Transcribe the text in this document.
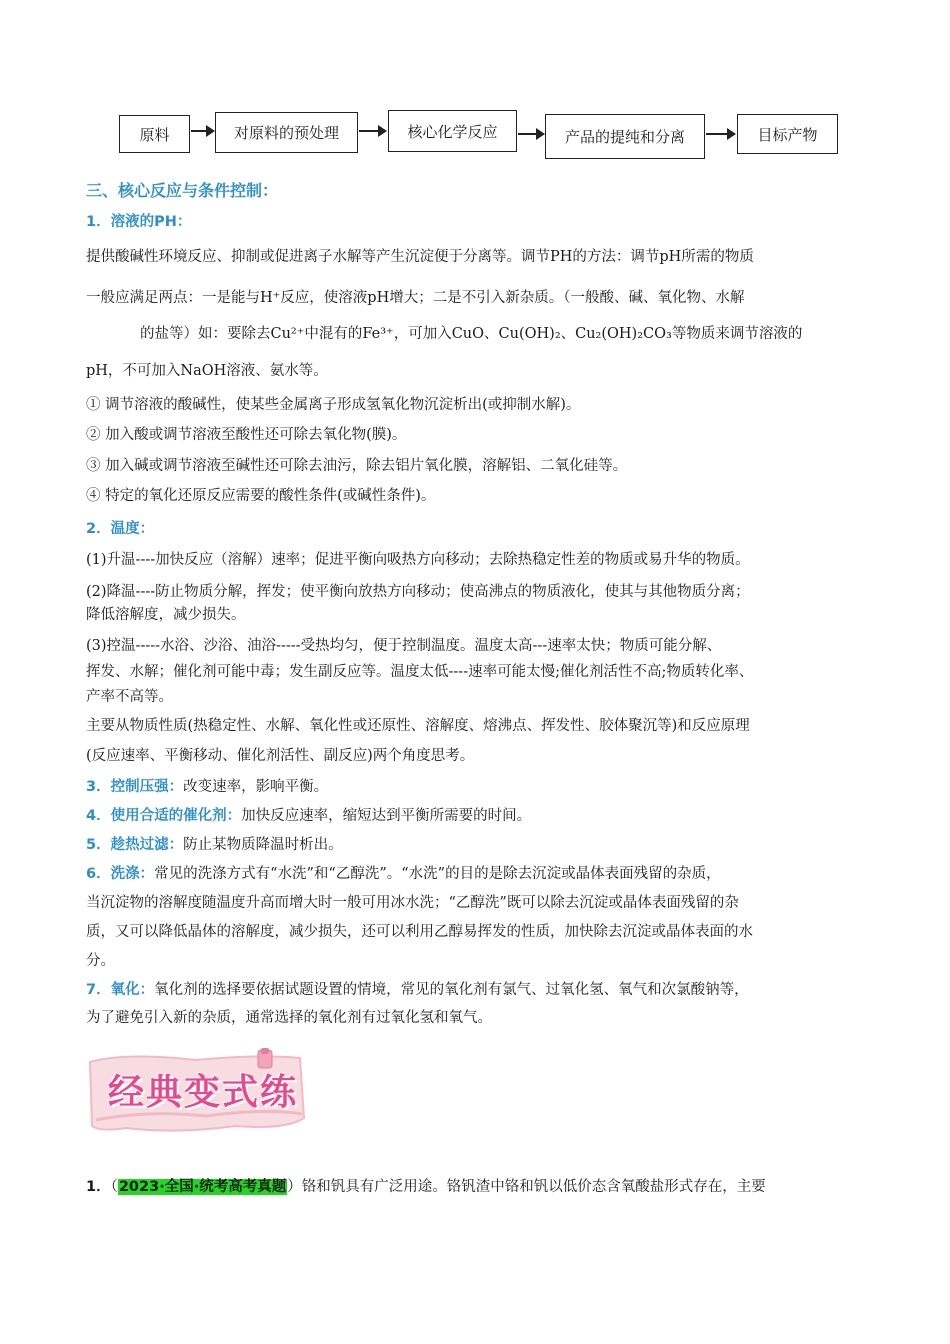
原料	对原料的预处理	核心化学反应	产品的提纯和分离	目标产物
三、核心反应与条件控制：
1．溶液的PH：
提供酸碱性环境反应、抑制或促进离子水解等产生沉淀便于分离等。调节PH的方法：调节pH所需的物质
一般应满足两点：一是能与H⁺反应，使溶液pH增大；二是不引入新杂质。（一般酸、碱、氧化物、水解
的盐等）如：要除去Cu²⁺中混有的Fe³⁺，可加入CuO、Cu(OH)₂、Cu₂(OH)₂CO₃等物质来调节溶液的
pH，不可加入NaOH溶液、氨水等。
① 调节溶液的酸碱性，使某些金属离子形成氢氧化物沉淀析出(或抑制水解)。
② 加入酸或调节溶液至酸性还可除去氧化物(膜)。
③ 加入碱或调节溶液至碱性还可除去油污，除去铝片氧化膜，溶解铝、二氧化硅等。
④ 特定的氧化还原反应需要的酸性条件(或碱性条件)。
2．温度：
(1)升温----加快反应（溶解）速率；促进平衡向吸热方向移动；去除热稳定性差的物质或易升华的物质。
(2)降温----防止物质分解，挥发；使平衡向放热方向移动；使高沸点的物质液化，使其与其他物质分离；
降低溶解度，减少损失。
(3)控温-----水浴、沙浴、油浴-----受热均匀，便于控制温度。温度太高---速率太快；物质可能分解、
挥发、水解；催化剂可能中毒；发生副反应等。温度太低----速率可能太慢;催化剂活性不高;物质转化率、
产率不高等。
主要从物质性质(热稳定性、水解、氧化性或还原性、溶解度、熔沸点、挥发性、胶体聚沉等)和反应原理
(反应速率、平衡移动、催化剂活性、副反应)两个角度思考。
3．控制压强：改变速率，影响平衡。
4．使用合适的催化剂：加快反应速率，缩短达到平衡所需要的时间。
5．趁热过滤：防止某物质降温时析出。
6．洗涤：常见的洗涤方式有“水洗”和“乙醇洗”。“水洗”的目的是除去沉淀或晶体表面残留的杂质，
当沉淀物的溶解度随温度升高而增大时一般可用冰水洗；“乙醇洗”既可以除去沉淀或晶体表面残留的杂
质，又可以降低晶体的溶解度，减少损失，还可以利用乙醇易挥发的性质，加快除去沉淀或晶体表面的水
分。
7．氧化：氧化剂的选择要依据试题设置的情境，常见的氧化剂有氯气、过氧化氢、氧气和次氯酸钠等，
为了避免引入新的杂质，通常选择的氧化剂有过氧化氢和氧气。
经典变式练
1．（2023·全国·统考高考真题）铬和钒具有广泛用途。铬钒渣中铬和钒以低价态含氧酸盐形式存在，主要
